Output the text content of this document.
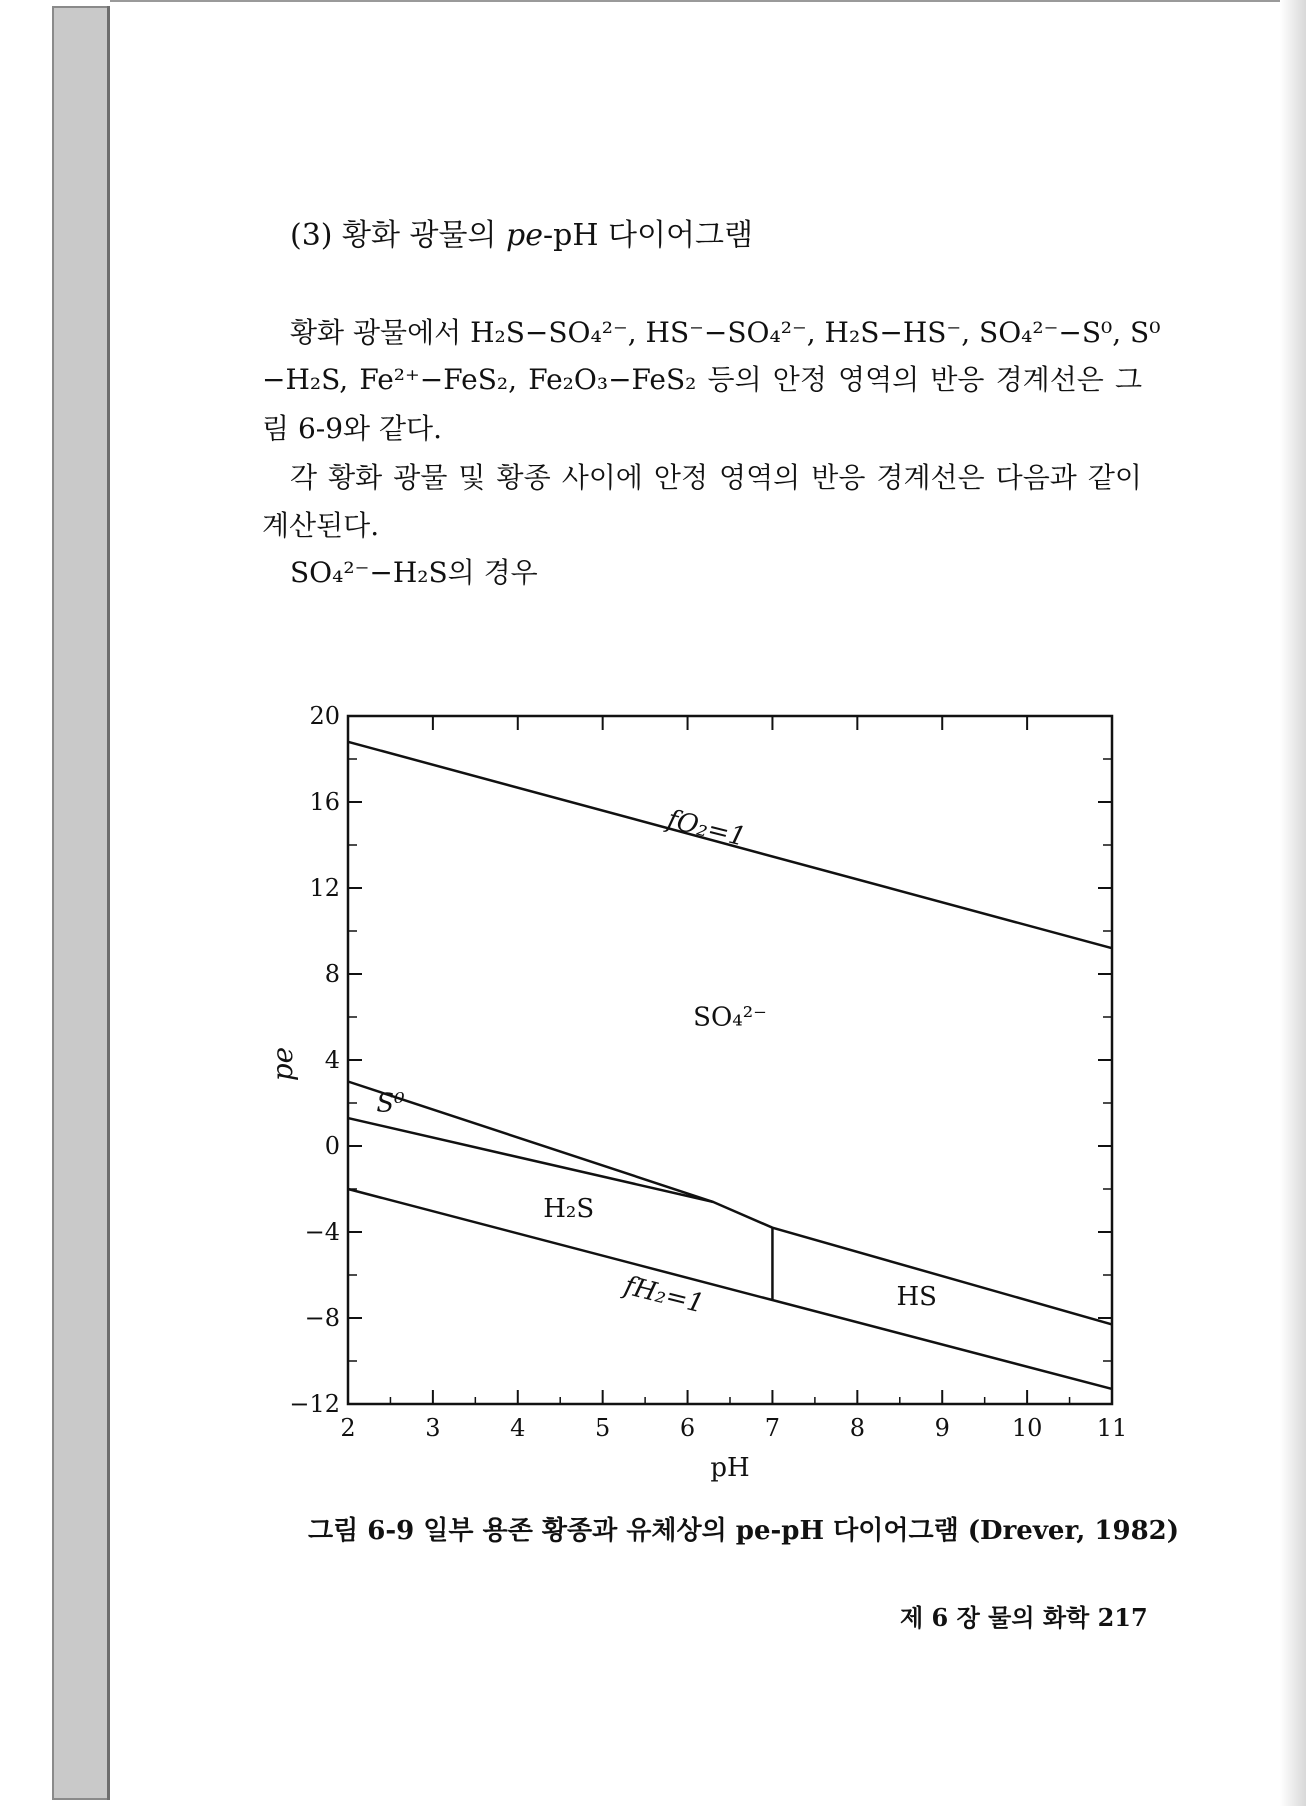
(3) 황화 광물의 pe-pH 다이어그램
황화 광물에서 H₂S−SO₄²⁻, HS⁻−SO₄²⁻, H₂S−HS⁻, SO₄²⁻−S⁰, S⁰
−H₂S, Fe²⁺−FeS₂, Fe₂O₃−FeS₂ 등의 안정 영역의 반응 경계선은 그
림 6-9와 같다.
각 황화 광물 및 황종 사이에 안정 영역의 반응 경계선은 다음과 같이
계산된다.
SO₄²⁻−H₂S의 경우
2	3	4	5	6	7	8	9	10 11
20
16
12
8
4
0
−4
−8
−12
pH
pe
SO₄²⁻
S⁰
H₂S
HS
fO₂=1
fH₂=1
그림 6-9 일부 용존 황종과 유체상의 pe-pH 다이어그램 (Drever, 1982)
제 6 장 물의 화학 217
